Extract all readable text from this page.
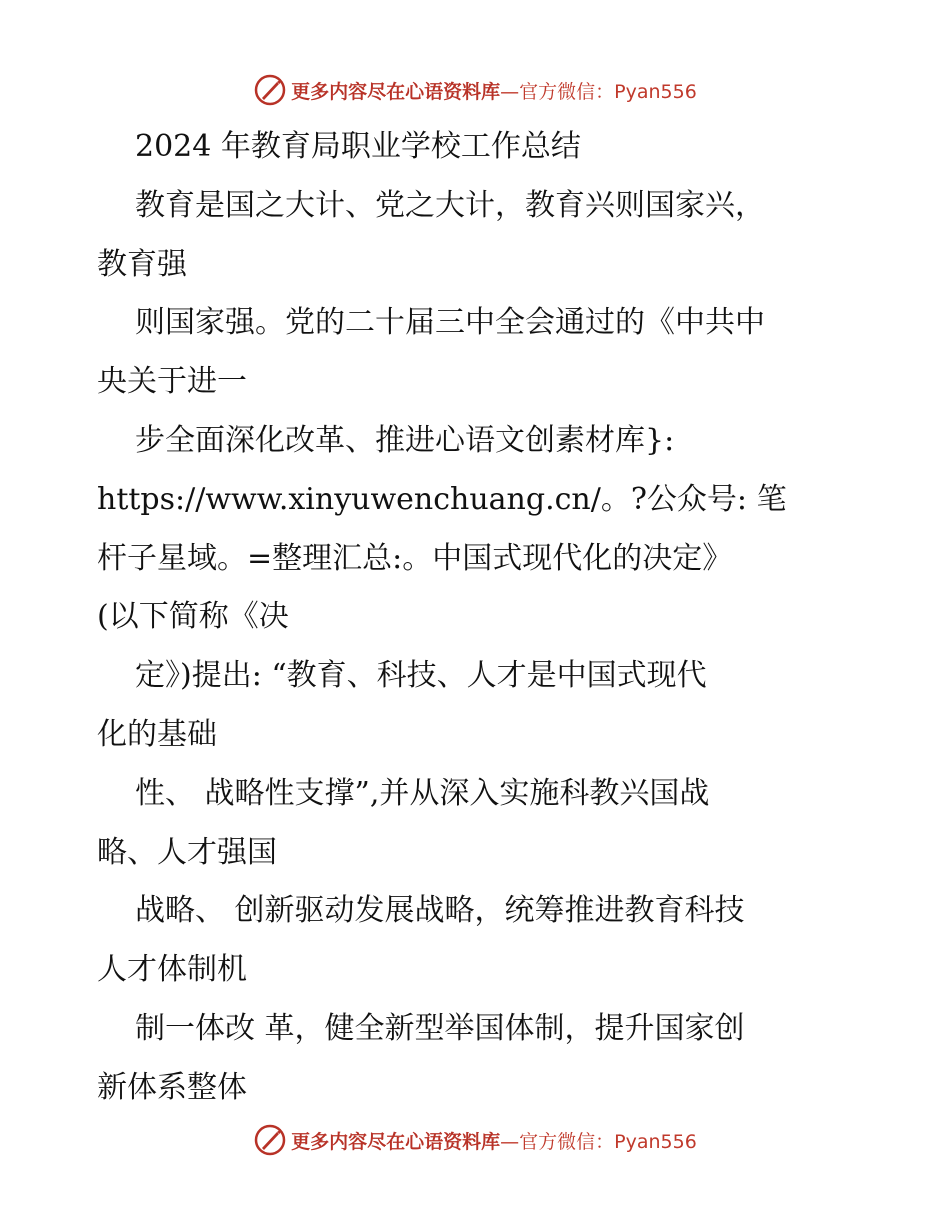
更多内容尽在心语资料库 —官方微信：Pyan556
2024 年教育局职业学校工作总结
教育是国之大计、党之大计，教育兴则国家兴，
教育强
则国家强。党的二十届三中全会通过的《中共中
央关于进一
步全面深化改革、推进心语文创素材库}:
https://www.xinyuwenchuang.cn/。?公众号: 笔
杆子星域。=整理汇总:。中国式现代化的决定》
(以下简称《决
定》)提出: “教育、科技、人才是中国式现代
化的基础
性、 战略性支撑”,并从深入实施科教兴国战
略、人才强国
战略、 创新驱动发展战略，统筹推进教育科技
人才体制机
制一体改 革，健全新型举国体制，提升国家创
新体系整体
更多内容尽在心语资料库 —官方微信：Pyan556
